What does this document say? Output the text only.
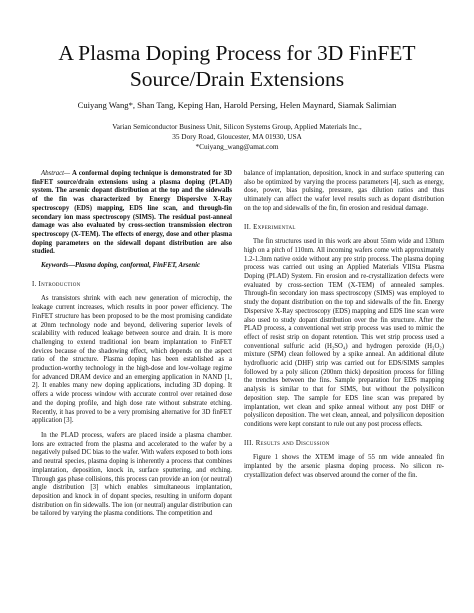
A Plasma Doping Process for 3D FinFET
Source/Drain Extensions
Cuiyang Wang*, Shan Tang, Keping Han, Harold Persing, Helen Maynard, Siamak Salimian
Varian Semiconductor Business Unit, Silicon Systems Group, Applied Materials Inc.,
35 Dory Road, Gloucester, MA 01930, USA
*Cuiyang_wang@amat.com

Abstract— A conformal doping technique is demonstrated for 3D finFET source/drain extensions using a plasma doping (PLAD) system. The arsenic dopant distribution at the top and the sidewalls of the fin was characterized by Energy Dispersive X-Ray spectroscopy (EDS) mapping, EDS line scan, and through-fin secondary ion mass spectroscopy (SIMS). The residual post-anneal damage was also evaluated by cross-section transmission electron spectroscopy (X-TEM). The effects of energy, dose and other plasma doping parameters on the sidewall dopant distribution are also studied.

Keywords—Plasma doping, conformal, FinFET, Arsenic

I. Introduction

As transistors shrink with each new generation of microchip, the leakage current increases, which results in poor power efficiency. The FinFET structure has been proposed to be the most promising candidate at 20nm technology node and beyond, delivering superior levels of scalability with reduced leakage between source and drain. It is more challenging to extend traditional ion beam implantation to FinFET devices because of the shadowing effect, which depends on the aspect ratio of the structure. Plasma doping has been established as a production-worthy technology in the high-dose and low-voltage regime for advanced DRAM device and an emerging application in NAND [1, 2]. It enables many new doping applications, including 3D doping. It offers a wide process window with accurate control over retained dose and the doping profile, and high dose rate without substrate etching. Recently, it has proved to be a very promising alternative for 3D finFET application [3].

In the PLAD process, wafers are placed inside a plasma chamber. Ions are extracted from the plasma and accelerated to the wafer by a negatively pulsed DC bias to the wafer. With wafers exposed to both ions and neutral species, plasma doping is inherently a process that combines implantation, deposition, knock in, surface sputtering, and etching. Through gas phase collisions, this process can provide an ion (or neutral) angle distribution [3] which enables simultaneous implantation, deposition and knock in of dopant species, resulting in uniform dopant distribution on fin sidewalls. The ion (or neutral) angular distribution can be tailored by varying the plasma conditions. The competition and

balance of implantation, deposition, knock in and surface sputtering can also be optimized by varying the process parameters [4], such as energy, dose, power, bias pulsing, pressure, gas dilution ratios and thus ultimately can affect the wafer level results such as dopant distribution on the top and sidewalls of the fin, fin erosion and residual damage.

II. Experimental

The fin structures used in this work are about 55nm wide and 130nm high on a pitch of 110nm. All incoming wafers come with approximately 1.2-1.3nm native oxide without any pre strip process. The plasma doping process was carried out using an Applied Materials VIISta Plasma Doping (PLAD) System. Fin erosion and re-crystallization defects were evaluated by cross-section TEM (X-TEM) of annealed samples. Through-fin secondary ion mass spectroscopy (SIMS) was employed to study the dopant distribution on the top and sidewalls of the fin. Energy Dispersive X-Ray spectroscopy (EDS) mapping and EDS line scan were also used to study dopant distribution over the fin structure. After the PLAD process, a conventional wet strip process was used to mimic the effect of resist strip on dopant retention. This wet strip process used a conventional sulfuric acid (H₂SO₄) and hydrogen peroxide (H₂O₂) mixture (SPM) clean followed by a spike anneal. An additional dilute hydrofluoric acid (DHF) strip was carried out for EDS/SIMS samples followed by a poly silicon (200nm thick) deposition process for filling the trenches between the fins. Sample preparation for EDS mapping analysis is similar to that for SIMS, but without the polysilicon deposition step. The sample for EDS line scan was prepared by implantation, wet clean and spike anneal without any post DHF or polysilicon deposition. The wet clean, anneal, and polysilicon deposition conditions were kept constant to rule out any post process effects.

III. Results and Discussion

Figure 1 shows the XTEM image of 55 nm wide annealed fin implanted by the arsenic plasma doping process. No silicon re-crystallization defect was observed around the corner of the fin.
